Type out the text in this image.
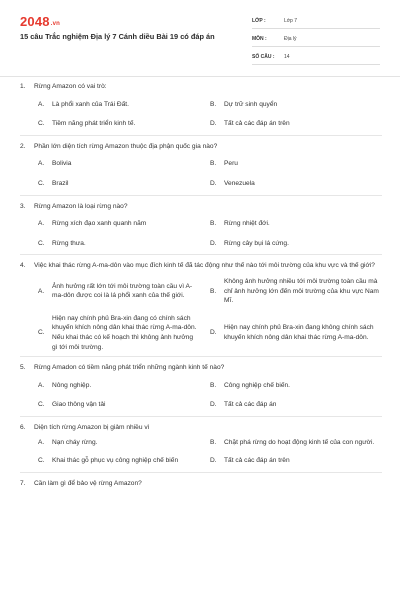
2048.vn
15 câu Trắc nghiệm Địa lý 7 Cánh diều Bài 19 có đáp án
LỚP :	Lớp 7
MÔN :	Địa lý
SỐ CÂU :	14
1.	Rừng Amazon có vai trò:
A.	Là phổi xanh của Trái Đất.	B.	Dự trữ sinh quyển
C.	Tiềm năng phát triển kinh tế.	D.	Tất cả các đáp án trên
2.	Phần lớn diện tích rừng Amazon thuộc địa phận quốc gia nào?
A.	Bolivia	B.	Peru
C.	Brazil	D.	Venezuela
3.	Rừng Amazon là loại rừng nào?
A.	Rừng xích đạo xanh quanh năm	B.	Rừng nhiệt đới.
C.	Rừng thưa.	D.	Rừng cây bụi lá cứng.
4.	Việc khai thác rừng A-ma-dôn vào mục đích kinh tế đã tác động như thế nào tới môi trường của khu vực và thế giới?
A.
Ảnh hưởng rất lớn tới môi trường toàn cầu vì A-ma-dôn được coi là lá phổi xanh của thế giới.
B.
Không ảnh hưởng nhiều tới môi trường toàn cầu mà chỉ ảnh hưởng lớn đến môi trường của khu vực Nam Mĩ.
C.
Hiện nay chính phủ Bra-xin đang có chính sách khuyến khích nông dân khai thác rừng A-ma-dôn. Nếu khai thác có kế hoạch thì không ảnh hưởng gì tới môi trường.
D.
Hiện nay chính phủ Bra-xin đang không chính sách khuyến khích nông dân khai thác rừng A-ma-dôn.
5.	Rừng Amadon có tiềm năng phát triển những ngành kinh tế nào?
A.	Nông nghiệp.	B.	Công nghiệp chế biến.
C.	Giao thông vận tải	D.	Tất cả các đáp án
6.	Diện tích rừng Amazon bị giảm nhiều vì
A.	Nạn cháy rừng.	B.	Chặt phá rừng do hoạt động kinh tế của con người.
C.	Khai thác gỗ phục vụ công nghiệp chế biến	D.	Tất cả các đáp án trên
7.	Cần làm gì để bảo vệ rừng Amazon?
